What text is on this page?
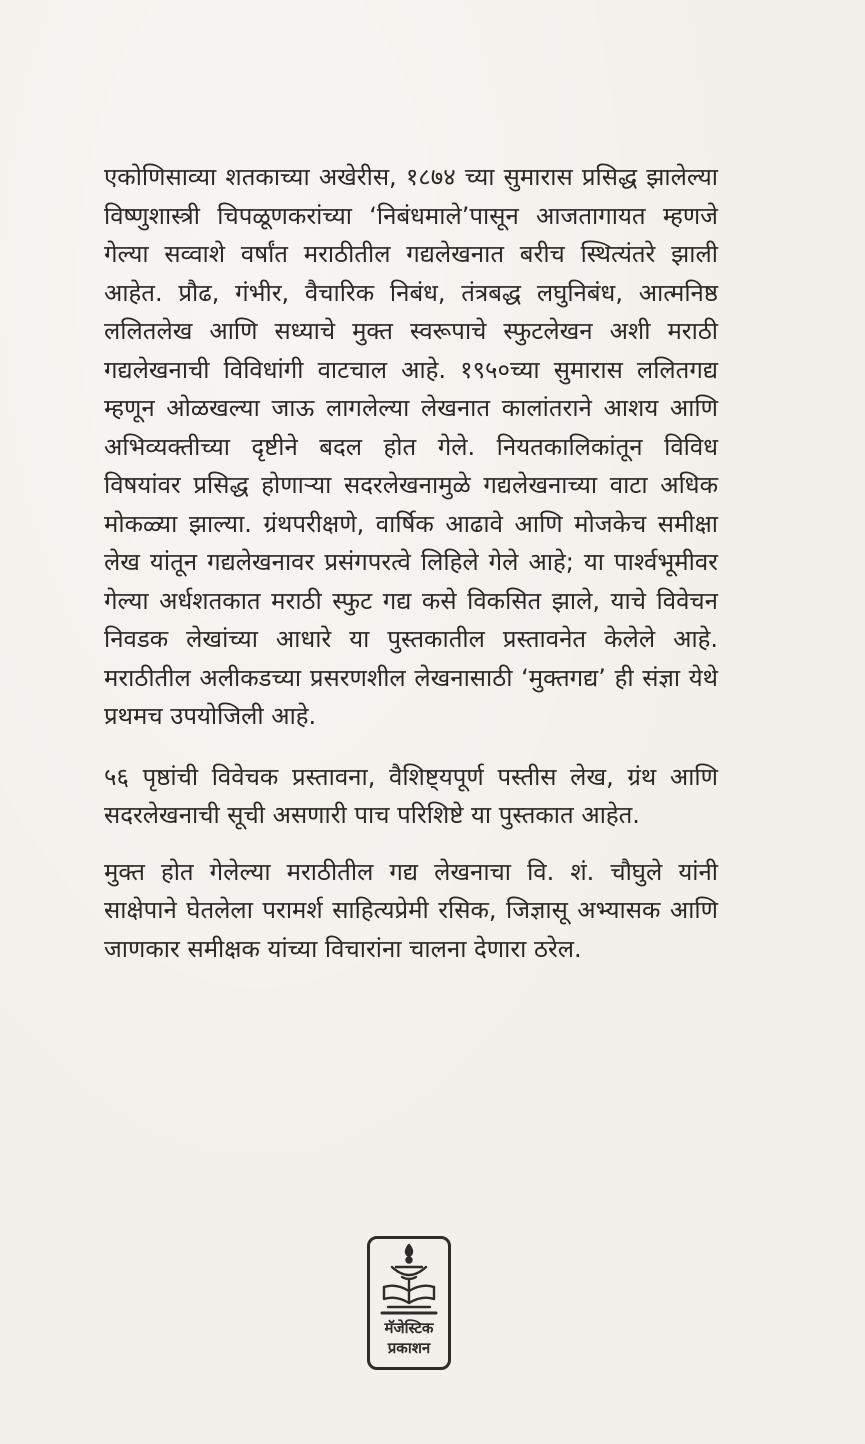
एकोणिसाव्या शतकाच्या अखेरीस, १८७४ च्या सुमारास प्रसिद्ध झालेल्या विष्णुशास्त्री चिपळूणकरांच्या ‘निबंधमाले’पासून आजतागायत म्हणजे गेल्या सव्वाशे वर्षांत मराठीतील गद्यलेखनात बरीच स्थित्यंतरे झाली आहेत. प्रौढ, गंभीर, वैचारिक निबंध, तंत्रबद्ध लघुनिबंध, आत्मनिष्ठ ललितलेख आणि सध्याचे मुक्त स्वरूपाचे स्फुटलेखन अशी मराठी गद्यलेखनाची विविधांगी वाटचाल आहे. १९५०च्या सुमारास ललितगद्य म्हणून ओळखल्या जाऊ लागलेल्या लेखनात कालांतराने आशय आणि अभिव्यक्तीच्या दृष्टीने बदल होत गेले. नियतकालिकांतून विविध विषयांवर प्रसिद्ध होणाऱ्या सदरलेखनामुळे गद्यलेखनाच्या वाटा अधिक मोकळ्या झाल्या. ग्रंथपरीक्षणे, वार्षिक आढावे आणि मोजकेच समीक्षा लेख यांतून गद्यलेखनावर प्रसंगपरत्वे लिहिले गेले आहे; या पार्श्वभूमीवर गेल्या अर्धशतकात मराठी स्फुट गद्य कसे विकसित झाले, याचे विवेचन निवडक लेखांच्या आधारे या पुस्तकातील प्रस्तावनेत केलेले आहे. मराठीतील अलीकडच्या प्रसरणशील लेखनासाठी ‘मुक्तगद्य’ ही संज्ञा येथे प्रथमच उपयोजिली आहे.

५६ पृष्ठांची विवेचक प्रस्तावना, वैशिष्ट्यपूर्ण पस्तीस लेख, ग्रंथ आणि सदरलेखनाची सूची असणारी पाच परिशिष्टे या पुस्तकात आहेत.

मुक्त होत गेलेल्या मराठीतील गद्य लेखनाचा वि. शं. चौघुले यांनी साक्षेपाने घेतलेला परामर्श साहित्यप्रेमी रसिक, जिज्ञासू अभ्यासक आणि जाणकार समीक्षक यांच्या विचारांना चालना देणारा ठरेल.

मॅजेस्टिक
प्रकाशन
